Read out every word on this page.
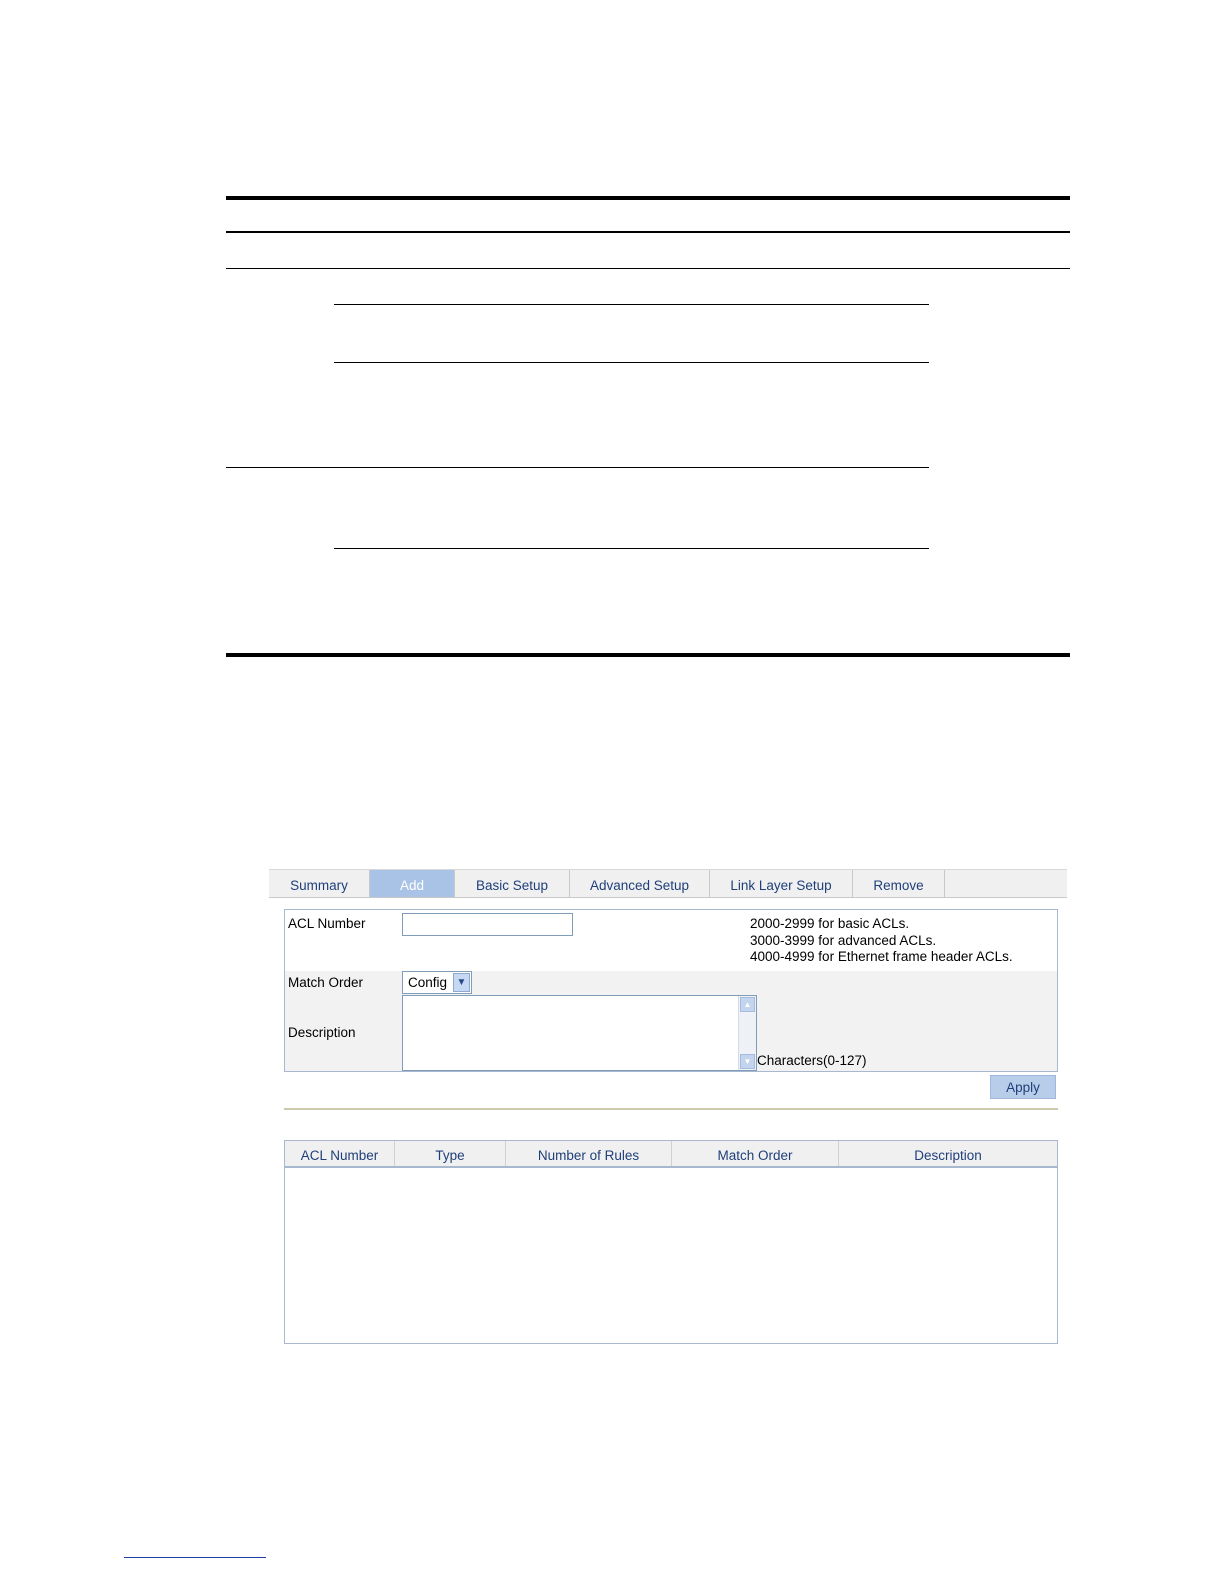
Summary	Add	Basic Setup	Advanced Setup	Link Layer Setup	Remove
ACL Number	2000-2999 for basic ACLs.
3000-3999 for advanced ACLs.
4000-4999 for Ethernet frame header ACLs.
Match Order	Config ▼
Description
▲
▼ Characters(0-127)
Apply
ACL Number	Type	Number of Rules	Match Order	Description
